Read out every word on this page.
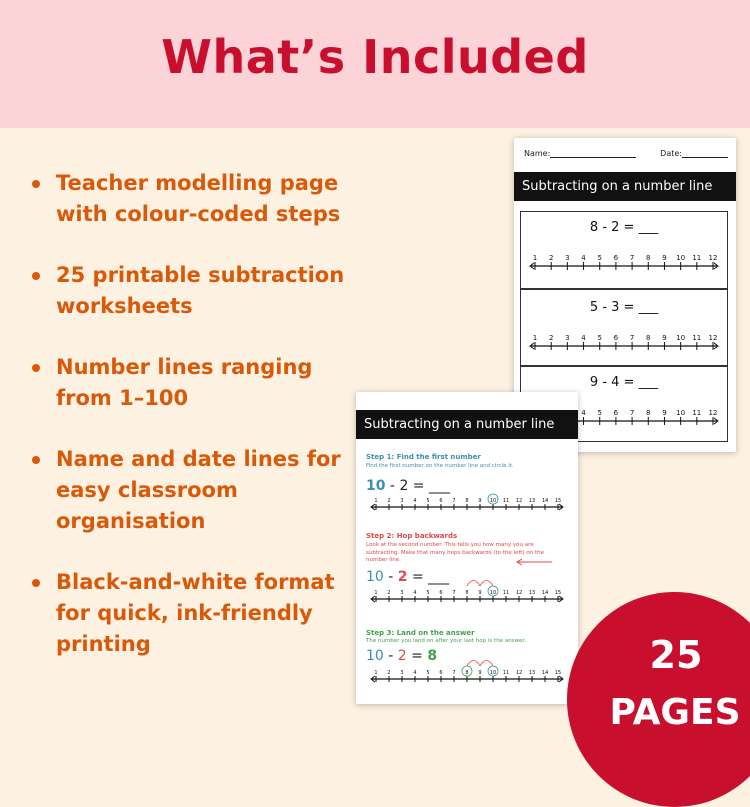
What’s Included
Teacher modelling page with colour-coded steps
25 printable subtraction worksheets
Number lines ranging from 1–100
Name and date lines for easy classroom organisation
Black-and-white format for quick, ink-friendly printing
Name:	Date:
Subtracting on a number line
8 - 2 = ___
1 2 3 4 5 6 7 8 9 10 11 12
5 - 3 = ___
1 2 3 4 5 6 7 8 9 10 11 12
9 - 4 = ___
4 5 6 7 8 9 10 11 12
Subtracting on a number line
Step 1: Find the first number
Find the first number on the number line and circle it.
10 - 2 = ___
1 2 3 4 5 6 7 8 9 10 11 12 13 14 15
Step 2: Hop backwards
Look at the second number. This tells you how many you are subtracting. Make that many hops backwards (to the left) on the number line.
10 - 2 = ___
1 2 3 4 5 6 7 8 9 10 11 12 13 14 15
Step 3: Land on the answer
The number you land on after your last hop is the answer.
10 - 2 = 8
1 2 3 4 5 6 7 8 9 10 11 12 13 14 15	25
PAGES
